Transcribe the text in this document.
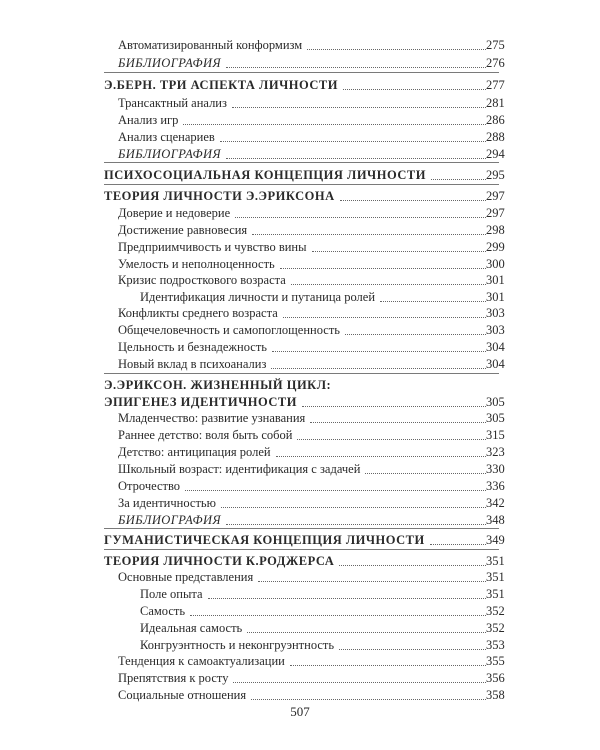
Автоматизированный конформизм	275
БИБЛИОГРАФИЯ	276
Э.БЕРН. ТРИ АСПЕКТА ЛИЧНОСТИ	277
Трансактный анализ	281
Анализ игр	286
Анализ сценариев	288
БИБЛИОГРАФИЯ	294
ПСИХОСОЦИАЛЬНАЯ КОНЦЕПЦИЯ ЛИЧНОСТИ	295
ТЕОРИЯ ЛИЧНОСТИ Э.ЭРИКСОНА	297
Доверие и недоверие	297
Достижение равновесия	298
Предприимчивость и чувство вины	299
Умелость и неполноценность	300
Кризис подросткового возраста	301
Идентификация личности и путаница ролей	301
Конфликты среднего возраста	303
Общечеловечность и самопоглощенность	303
Цельность и безнадежность	304
Новый вклад в психоанализ	304
Э.ЭРИКСОН. ЖИЗНЕННЫЙ ЦИКЛ:
ЭПИГЕНЕЗ ИДЕНТИЧНОСТИ	305
Младенчество: развитие узнавания	305
Раннее детство: воля быть собой	315
Детство: антиципация ролей	323
Школьный возраст: идентификация с задачей	330
Отрочество	336
За идентичностью	342
БИБЛИОГРАФИЯ	348
ГУМАНИСТИЧЕСКАЯ КОНЦЕПЦИЯ ЛИЧНОСТИ	349
ТЕОРИЯ ЛИЧНОСТИ К.РОДЖЕРСА	351
Основные представления	351
Поле опыта	351
Самость	352
Идеальная самость	352
Конгруэнтность и неконгруэнтность	353
Тенденция к самоактуализации	355
Препятствия к росту	356
Социальные отношения	358
507
